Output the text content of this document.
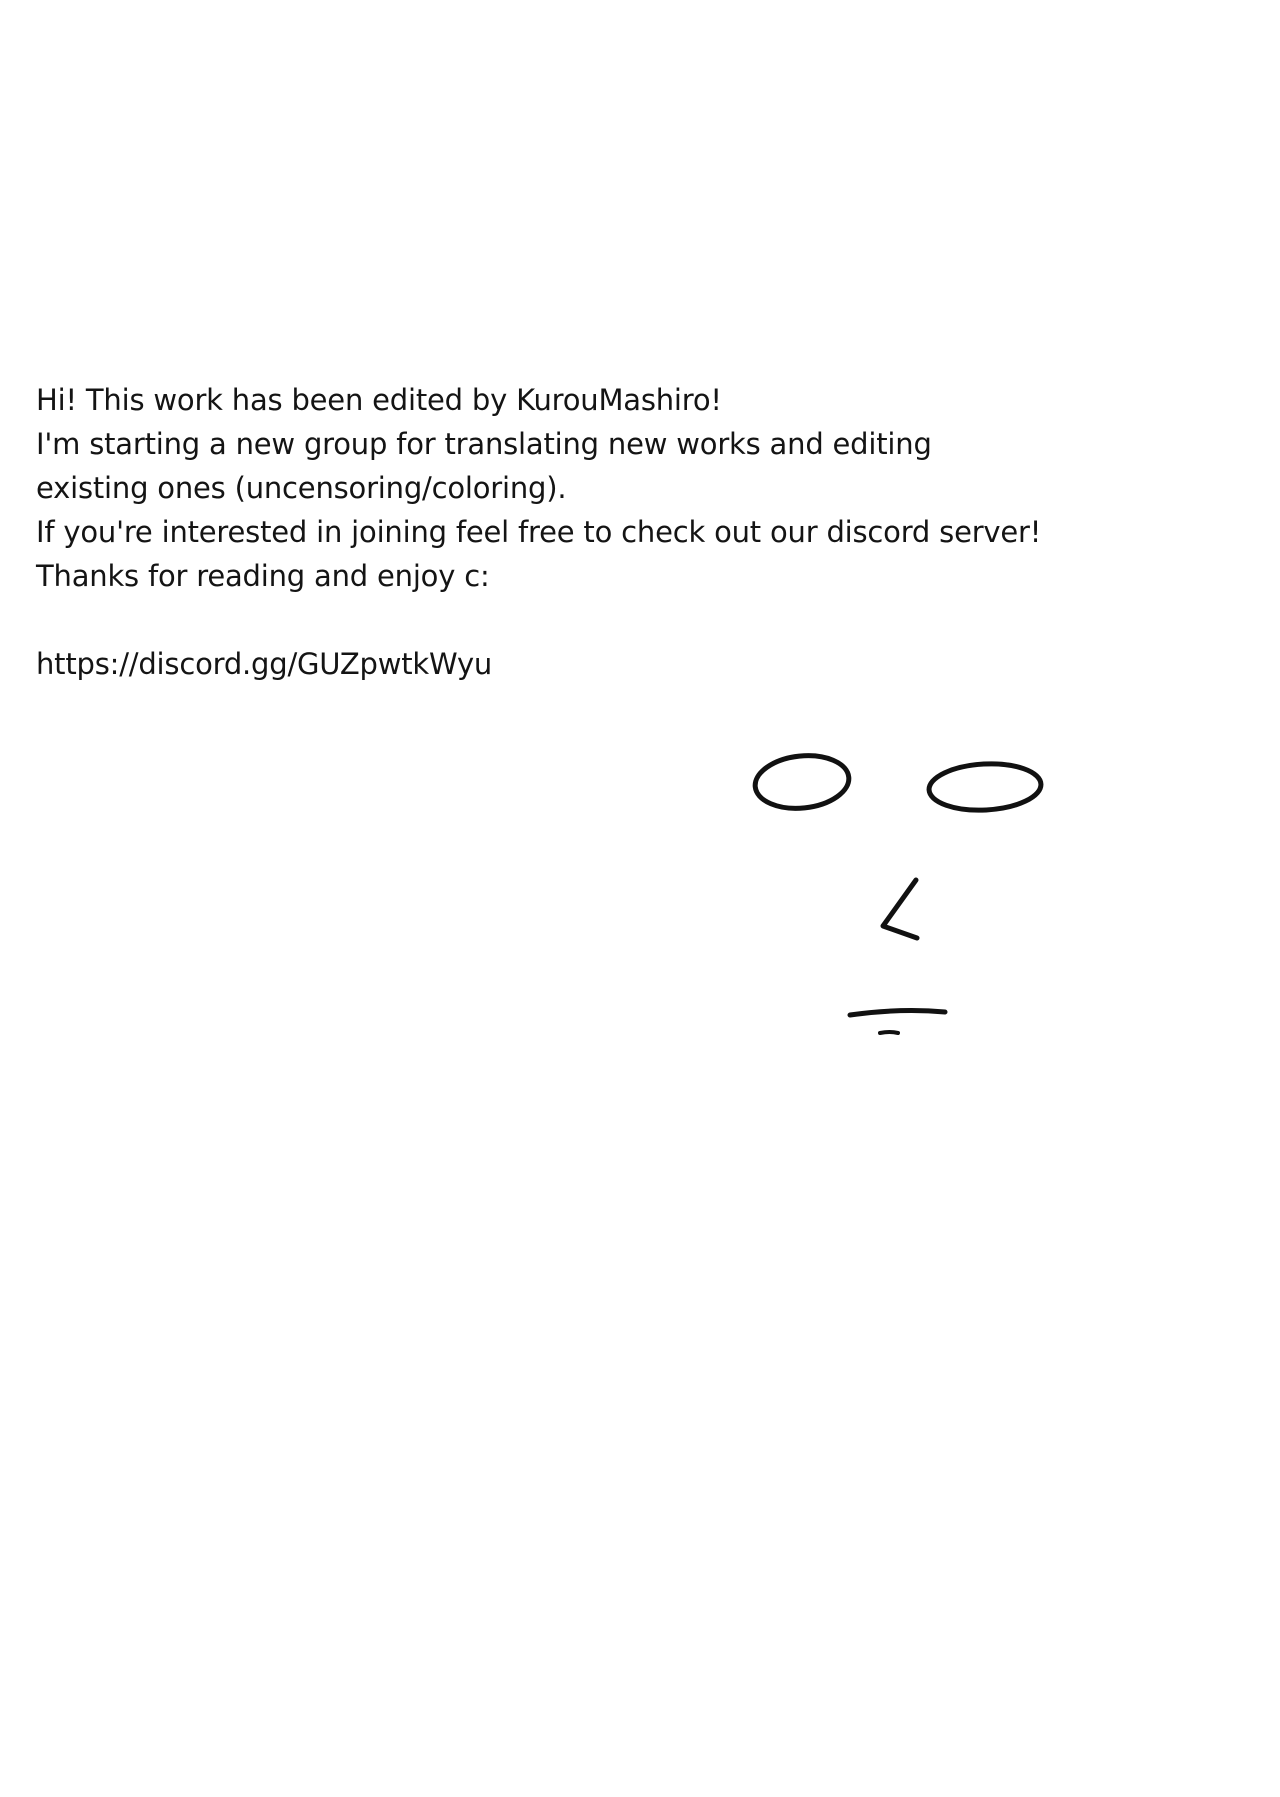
Hi! This work has been edited by KurouMashiro!
I'm starting a new group for translating new works and editing
existing ones (uncensoring/coloring).
If you're interested in joining feel free to check out our discord server!
Thanks for reading and enjoy c:
https://discord.gg/GUZpwtkWyu
